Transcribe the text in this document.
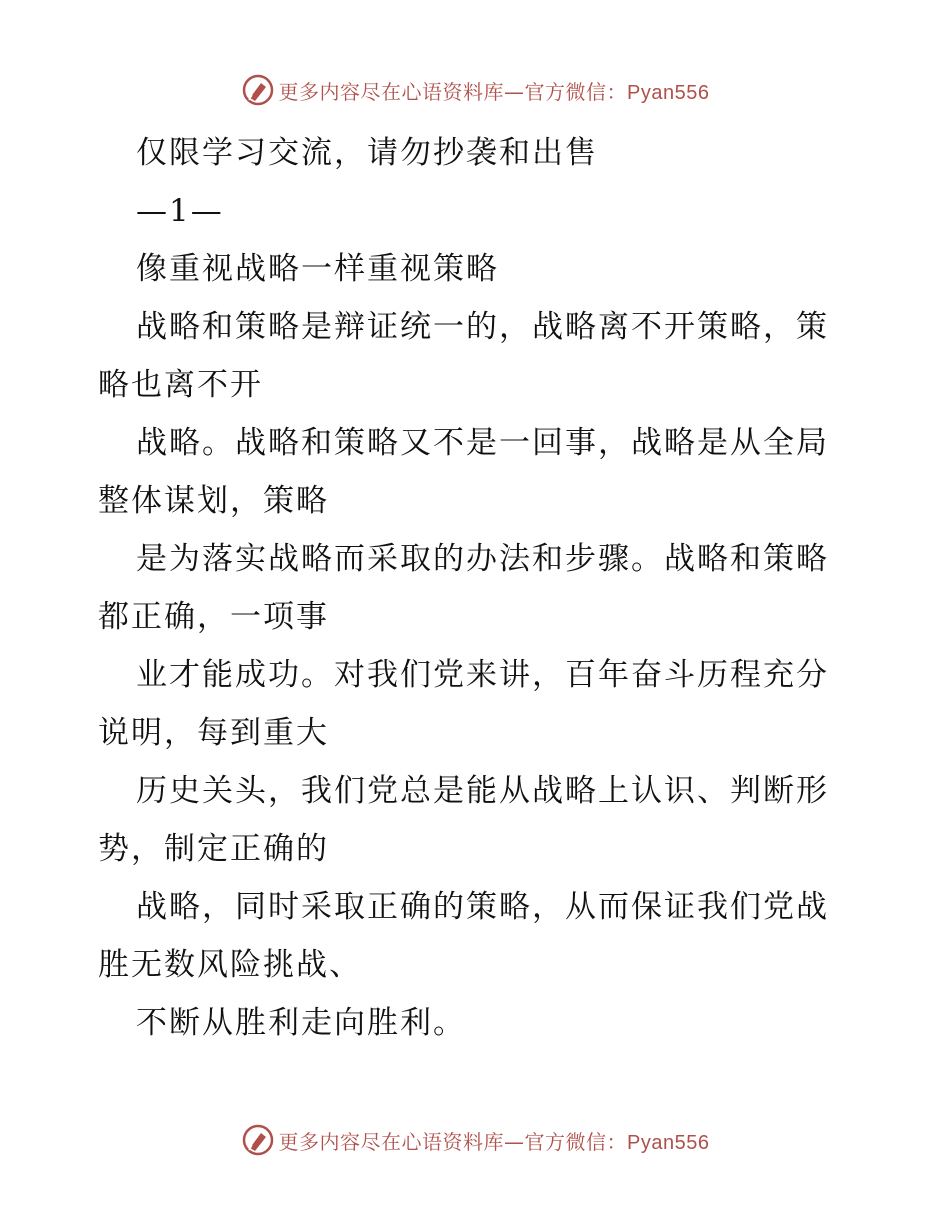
更多内容尽在心语资料库—官方微信：Pyan556
仅限学习交流，请勿抄袭和出售
—1—
像重视战略一样重视策略
战略和策略是辩证统一的，战略离不开策略，策
略也离不开
战略。战略和策略又不是一回事，战略是从全局
整体谋划，策略
是为落实战略而采取的办法和步骤。战略和策略
都正确，一项事
业才能成功。对我们党来讲，百年奋斗历程充分
说明，每到重大
历史关头，我们党总是能从战略上认识、判断形
势，制定正确的
战略，同时采取正确的策略，从而保证我们党战
胜无数风险挑战、
不断从胜利走向胜利。
更多内容尽在心语资料库—官方微信：Pyan556
